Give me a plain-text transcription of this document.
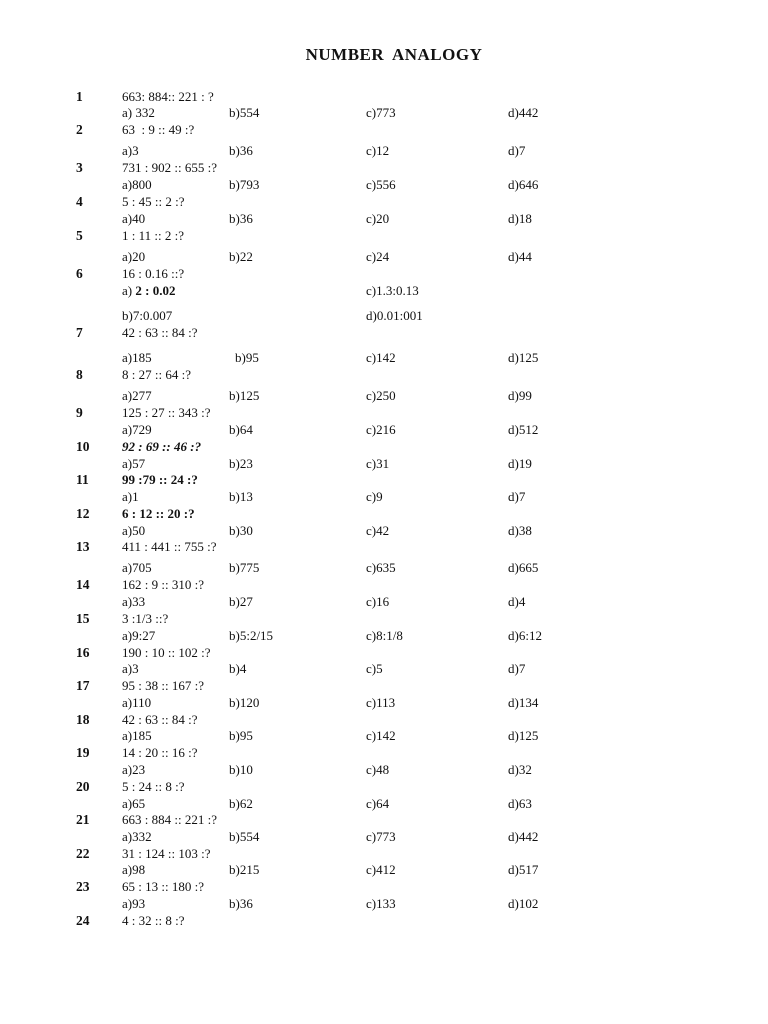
NUMBER ANALOGY
1	663: 884:: 221 : ?
a) 332	b)554	c)773	d)442
2	63  : 9 :: 49 :?
a)3	b)36	c)12	d)7
3	731 : 902 :: 655 :?
a)800	b)793	c)556	d)646
4	5 : 45 :: 2 :?
a)40	b)36	c)20	d)18
5	1 : 11 :: 2 :?
a)20	b)22	c)24	d)44
6	16 : 0.16 ::?
a) 2 : 0.02	c)1.3:0.13
b)7:0.007	d)0.01:001
7	42 : 63 :: 84 :?
a)185	b)95	c)142	d)125
8	8 : 27 :: 64 :?
a)277	b)125	c)250	d)99
9	125 : 27 :: 343 :?
a)729	b)64	c)216	d)512
10	92 : 69 :: 46 :?
a)57	b)23	c)31	d)19
11	99 :79 :: 24 :?
a)1	b)13	c)9	d)7
12	6 : 12 :: 20 :?
a)50	b)30	c)42	d)38
13	411 : 441 :: 755 :?
a)705	b)775	c)635	d)665
14	162 : 9 :: 310 :?
a)33	b)27	c)16	d)4
15	3 :1/3 ::?
a)9:27	b)5:2/15	c)8:1/8	d)6:12
16	190 : 10 :: 102 :?
a)3	b)4	c)5	d)7
17	95 : 38 :: 167 :?
a)110	b)120	c)113	d)134
18	42 : 63 :: 84 :?
a)185	b)95	c)142	d)125
19	14 : 20 :: 16 :?
a)23	b)10	c)48	d)32
20	5 : 24 :: 8 :?
a)65	b)62	c)64	d)63
21	663 : 884 :: 221 :?
a)332	b)554	c)773	d)442
22	31 : 124 :: 103 :?
a)98	b)215	c)412	d)517
23	65 : 13 :: 180 :?
a)93	b)36	c)133	d)102
24	4 : 32 :: 8 :?
